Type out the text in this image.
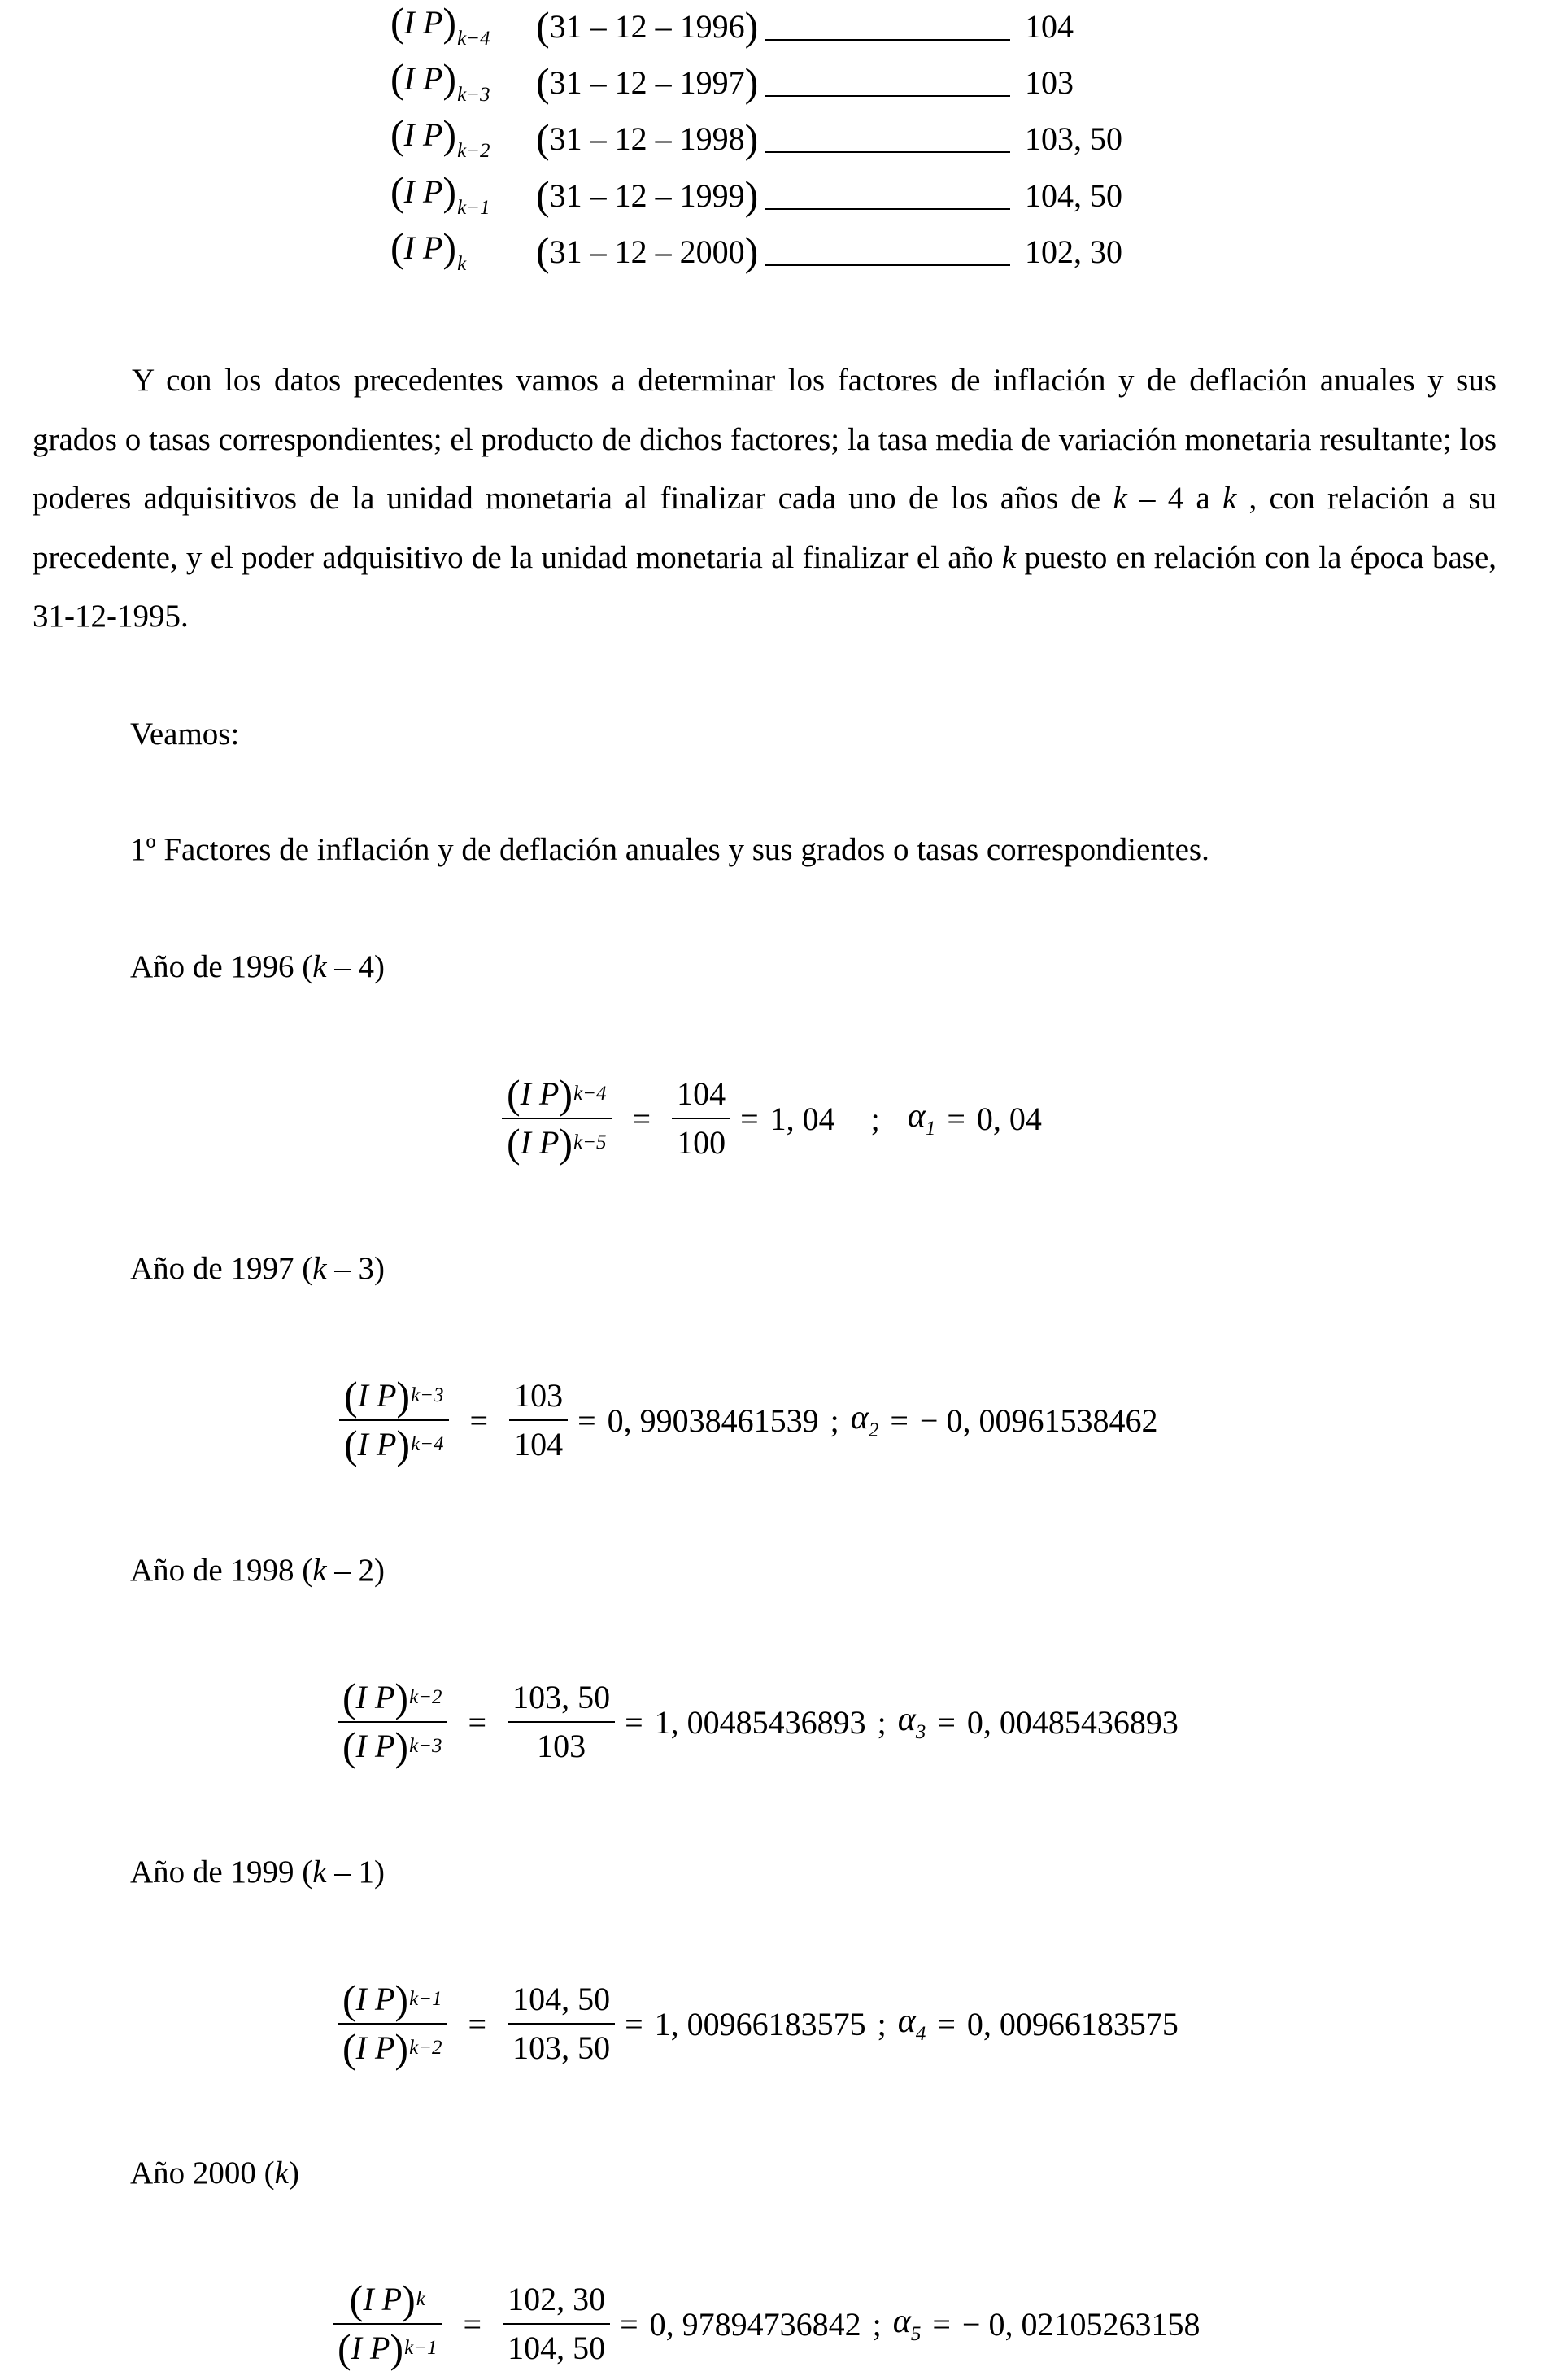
(I $P)_{k-4}$	(31 – 12 – 1996)	104
(I $P)_{k-3}$	(31 – 12 – 1997)	103
(I $P)_{k-2}$	(31 – 12 – 1998)	103, 50
(I $P)_{k-1}$	(31 – 12 – 1999)	104, 50
(I $P)_k$	(31 – 12 – 2000)	102, 30
Y con los datos precedentes vamos a determinar los factores de inflación y de deflación anuales y sus grados o tasas correspondientes; el producto de dichos factores; la tasa media de variación monetaria resultante; los poderes adquisitivos de la unidad monetaria al finalizar cada uno de los años de k – 4 a k , con relación a su precedente, y el poder adquisitivo de la unidad monetaria al finalizar el año k puesto en relación con la época base, 31-12-1995.
Veamos:
1º Factores de inflación y de deflación anuales y sus grados o tasas correspondientes.
Año de 1996 (k – 4)
$\frac{\text{( I P ) k−4}}{\text{( I P ) k−5}} = \frac{104}{100} = 1$, 04 ; $\alpha_1 = 0$, 04
Año de 1997 (k – 3)
$\frac{\text{( I P ) k−3}}{\text{( I P ) k−4}} = \frac{103}{104} = 0$, 99038461539 ; $\alpha_2$ = − 0, 00961538462
Año de 1998 (k – 2)
$\frac{\text{( I P ) k−2}}{\text{( I P ) k−3}} = \frac{103, 50}{103} = 1$, 00485436893 ; $\alpha_3 = 0$, 00485436893
Año de 1999 (k – 1)
$\frac{\text{( I P ) k−1}}{\text{( I P ) k−2}} = \frac{104, 50}{103, 50} = 1$, 00966183575 ; $\alpha_4 = 0$, 00966183575
Año 2000 (k)
$\frac{\text{( I P ) k}}{\text{( I P ) k−1}} = \frac{102, 30}{104, 50} = 0$, 97894736842 ; $\alpha_5$ = − 0, 02105263158
